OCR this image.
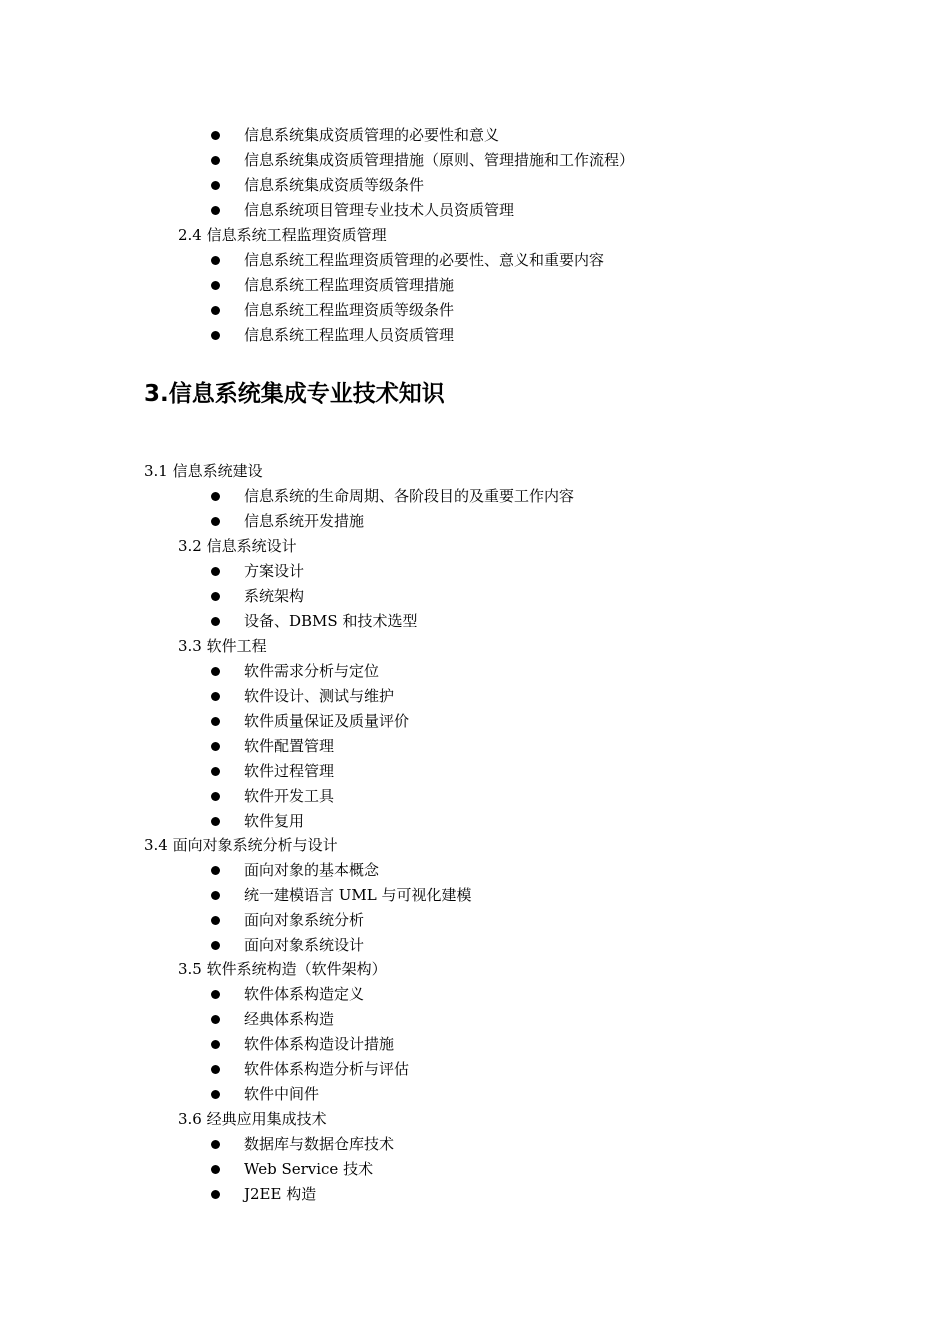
信息系统集成资质管理的必要性和意义
信息系统集成资质管理措施（原则、管理措施和工作流程）
信息系统集成资质等级条件
信息系统项目管理专业技术人员资质管理
2.4 信息系统工程监理资质管理
信息系统工程监理资质管理的必要性、意义和重要内容
信息系统工程监理资质管理措施
信息系统工程监理资质等级条件
信息系统工程监理人员资质管理
3.信息系统集成专业技术知识
3.1 信息系统建设
信息系统的生命周期、各阶段目的及重要工作内容
信息系统开发措施
3.2 信息系统设计
方案设计
系统架构
设备、DBMS 和技术选型
3.3 软件工程
软件需求分析与定位
软件设计、测试与维护
软件质量保证及质量评价
软件配置管理
软件过程管理
软件开发工具
软件复用
3.4 面向对象系统分析与设计
面向对象的基本概念
统一建模语言 UML 与可视化建模
面向对象系统分析
面向对象系统设计
3.5 软件系统构造（软件架构）
软件体系构造定义
经典体系构造
软件体系构造设计措施
软件体系构造分析与评估
软件中间件
3.6 经典应用集成技术
数据库与数据仓库技术
Web Service 技术
J2EE 构造
